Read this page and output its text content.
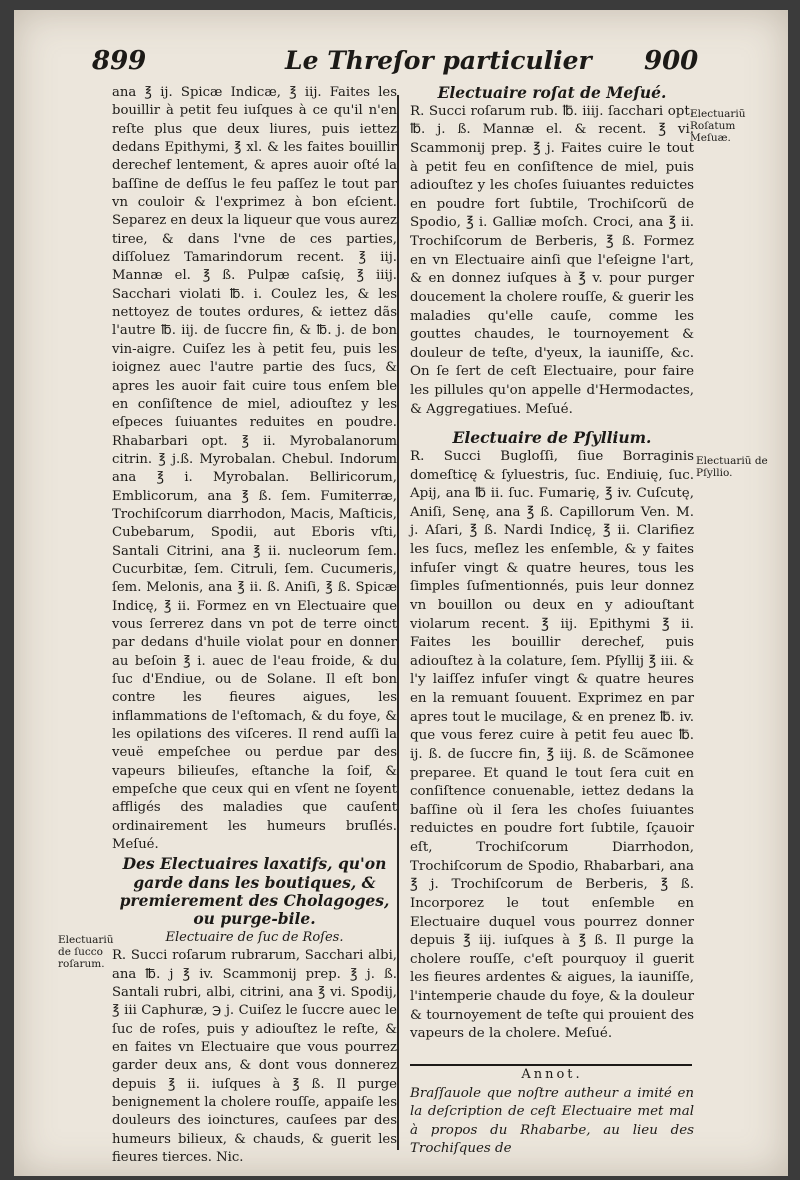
899	Le Threſor particulier 900

ana ℥ ij. Spicæ Indicæ, ℥ iij. Faites les bouillir à petit feu iuſques à ce qu'il n'en reſte plus que deux liures, puis iettez dedans Epithymi, ℥ xl. & les faites bouillir derechef lentement, & apres auoir oſté la baſſine de deſſus le feu paſſez le tout par vn couloir & l'exprimez à bon eſcient. Separez en deux la liqueur que vous aurez tiree, & dans l'vne de ces parties, diſſoluez Tamarindorum recent. ℥ iij. Mannæ el. ℥ ß. Pulpæ caſsię, ℥ iiij. Sacchari violati ℔. i. Coulez les, & les nettoyez de toutes ordures, & iettez dãs l'autre ℔. iij. de ſuccre fin, & ℔. j. de bon vin-aigre. Cuiſez les à petit feu, puis les ioignez auec l'autre partie des ſucs, & apres les auoir fait cuire tous enſem ble en conſiſtence de miel, adiouſtez y les eſpeces ſuiuantes reduites en poudre. Rhabarbari opt. ℥ ii. Myrobalanorum citrin. ℥ j.ß. Myrobalan. Chebul. Indorum ana ℥ i. Myrobalan. Belliricorum, Emblicorum, ana ℥ ß. ſem. Fumiterræ, Trochiſcorum diarrhodon, Macis, Maſticis, Cubebarum, Spodii, aut Eboris vſti, Santali Citrini, ana ℥ ii. nucleorum ſem. Cucurbitæ, ſem. Citruli, ſem. Cucumeris, ſem. Melonis, ana ℥ ii. ß. Aniſi, ℥ ß. Spicæ Indicę, ℥ ii. Formez en vn Electuaire que vous ſerrerez dans vn pot de terre oinct par dedans d'huile violat pour en donner au beſoin ℥ i. auec de l'eau froide, & du ſuc d'Endiue, ou de Solane. Il eſt bon contre les fieures aigues, les inflammations de l'eſtomach, & du foye, & les opilations des viſceres. Il rend auſſi la veuë empeſchee ou perdue par des vapeurs bilieuſes, eſtanche la ſoif, & empeſche que ceux qui en vſent ne ſoyent affligés des maladies que cauſent ordinairement les humeurs bruſlés. Meſué.

Des Electuaires laxatifs, qu'on garde dans les boutiques, & premierement des Cholagoges, ou purge-bile.

Electuaire de ſuc de Roſes.

R. Succi roſarum rubrarum, Sacchari albi, ana ℔. j ℥ iv. Scammonij prep. ℥ j. ß. Santali rubri, albi, citrini, ana ℥ vi. Spodij, ℥ iii Caphuræ, ℈ j. Cuiſez le ſuccre auec le ſuc de roſes, puis y adiouſtez le reſte, & en faites vn Electuaire que vous pourrez garder deux ans, & dont vous donnerez depuis ℥ ii. iuſques à ℥ ß. Il purge benignement la cholere rouſſe, appaiſe les douleurs des ioinctures, cauſees par des humeurs bilieux, & chauds, & guerit les fieures tierces. Nic.

Electuaire roſat de Meſué.

R. Succi roſarum rub. ℔. iiij. ſacchari opt. ℔. j. ß. Mannæ el. & recent. ℥ vi. Scammonij prep. ℥ j. Faites cuire le tout à petit feu en conſiſtence de miel, puis adiouſtez y les choſes ſuiuantes reduictes en poudre fort ſubtile, Trochiſcorũ de Spodio, ℥ i. Galliæ moſch. Croci, ana ℥ ii. Trochiſcorum de Berberis, ℥ ß. Formez en vn Electuaire ainſi que l'eſeigne l'art, & en donnez iuſques à ℥ v. pour purger doucement la cholere rouſſe, & guerir les maladies qu'elle cauſe, comme les gouttes chaudes, le tournoyement & douleur de teſte, d'yeux, la iauniſſe, &c. On ſe ſert de ceſt Electuaire, pour faire les pillules qu'on appelle d'Hermodactes, & Aggregatiues. Meſué.

Electuaire de Pſyllium.

R. Succi Bugloſſi, ſiue Borraginis domeſticę & ſyluestris, ſuc. Endiuię, ſuc. Apij, ana ℔ ii. ſuc. Fumarię, ℥ iv. Cuſcutę, Aniſi, Senę, ana ℥ ß. Capillorum Ven. M. j. Aſari, ℥ ß. Nardi Indicę, ℥ ii. Clarifiez les ſucs, meſlez les enſemble, & y faites infuſer vingt & quatre heures, tous les ſimples ſuſmentionnés, puis leur donnez vn bouillon ou deux en y adiouſtant violarum recent. ℥ iij. Epithymi ℥ ii. Faites les bouillir derechef, puis adiouſtez à la colature, ſem. Pſyllij ℥ iii. & l'y laiſſez infuſer vingt & quatre heures en la remuant ſouuent. Exprimez en par apres tout le mucilage, & en prenez ℔. iv. que vous ferez cuire à petit feu auec ℔. ij. ß. de ſuccre fin, ℥ iij. ß. de Scãmonee preparee. Et quand le tout ſera cuit en conſiſtence conuenable, iettez dedans la baſſine où il ſera les choſes ſuiuantes reduictes en poudre fort ſubtile, ſçauoir eſt, Trochiſcorum Diarrhodon, Trochiſcorum de Spodio, Rhabarbari, ana ℥ j. Trochiſcorum de Berberis, ℥ ß. Incorporez le tout enſemble en Electuaire duquel vous pourrez donner depuis ℥ iij. iuſques à ℥ ß. Il purge la cholere rouſſe, c'eſt pourquoy il guerit les fieures ardentes & aigues, la iauniſſe, l'intemperie chaude du foye, & la douleur & tournoyement de teſte qui prouient des vapeurs de la cholere. Meſué.

Annot.

Braſſauole que noſtre autheur a imité en la deſcription de ceſt Electuaire met mal à propos du Rhabarbe, au lieu des Trochiſques de

Electuariũ Roſatum Meſuæ.
Electuariũ de Pſyllio.
Electuariũ de ſucco roſarum.
